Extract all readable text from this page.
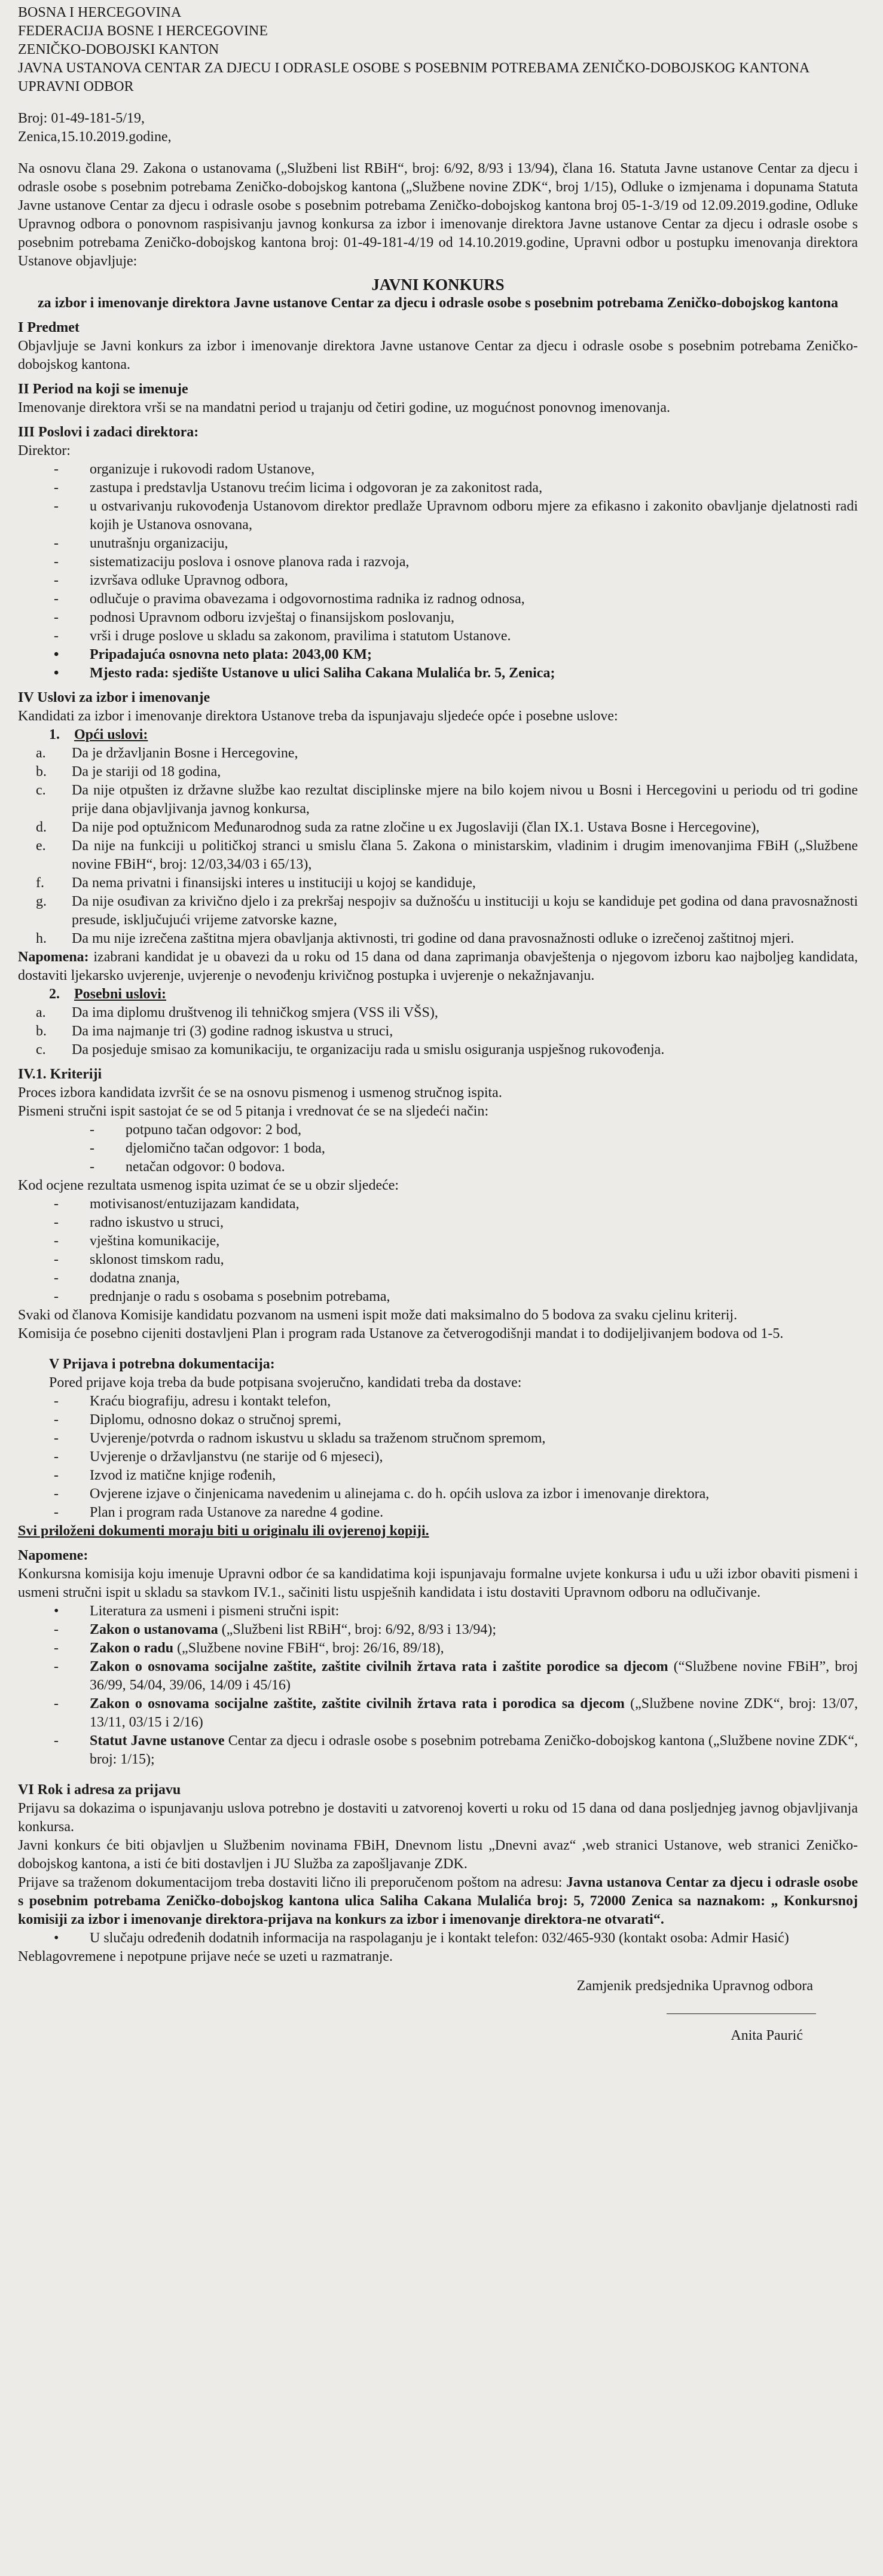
BOSNA I HERCEGOVINA
FEDERACIJA BOSNE I HERCEGOVINE
ZENIČKO-DOBOJSKI KANTON
JAVNA USTANOVA CENTAR ZA DJECU I ODRASLE OSOBE S POSEBNIM POTREBAMA ZENIČKO-DOBOJSKOG KANTONA
UPRAVNI ODBOR
Broj: 01-49-181-5/19,
Zenica,15.10.2019.godine,

Na osnovu člana 29. Zakona o ustanovama („Službeni list RBiH“, broj: 6/92, 8/93 i 13/94), člana 16. Statuta Javne ustanove Centar za djecu i odrasle osobe s posebnim potrebama Zeničko-dobojskog kantona („Službene novine ZDK“, broj 1/15), Odluke o izmjenama i dopunama Statuta Javne ustanove Centar za djecu i odrasle osobe s posebnim potrebama Zeničko-dobojskog kantona broj 05-1-3/19 od 12.09.2019.godine, Odluke Upravnog odbora o ponovnom raspisivanju javnog konkursa za izbor i imenovanje direktora Javne ustanove Centar za djecu i odrasle osobe s posebnim potrebama Zeničko-dobojskog kantona broj: 01-49-181-4/19 od 14.10.2019.godine, Upravni odbor u postupku imenovanja direktora Ustanove objavljuje:

JAVNI KONKURS
za izbor i imenovanje direktora Javne ustanove Centar za djecu i odrasle osobe s posebnim potrebama Zeničko-dobojskog kantona
I Predmet

Objavljuje se Javni konkurs za izbor i imenovanje direktora Javne ustanove Centar za djecu i odrasle osobe s posebnim potrebama Zeničko-dobojskog kantona.

II Period na koji se imenuje

Imenovanje direktora vrši se na mandatni period u trajanju od četiri godine, uz mogućnost ponovnog imenovanja.

III Poslovi i zadaci direktora:
Direktor:
- organizuje i rukovodi radom Ustanove,
- zastupa i predstavlja Ustanovu trećim licima i odgovoran je za zakonitost rada,
- u ostvarivanju rukovođenja Ustanovom direktor predlaže Upravnom odboru mjere za efikasno i zakonito obavljanje djelatnosti radi kojih je Ustanova osnovana,
- unutrašnju organizaciju,
- sistematizaciju poslova i osnove planova rada i razvoja,
- izvršava odluke Upravnog odbora,
- odlučuje o pravima obavezama i odgovornostima radnika iz radnog odnosa,
- podnosi Upravnom odboru izvještaj o finansijskom poslovanju,
- vrši i druge poslove u skladu sa zakonom, pravilima i statutom Ustanove.
• Pripadajuća osnovna neto plata: 2043,00 KM;
• Mjesto rada: sjedište Ustanove u ulici Saliha Cakana Mulalića br. 5, Zenica;
IV Uslovi za izbor i imenovanje

Kandidati za izbor i imenovanje direktora Ustanove treba da ispunjavaju sljedeće opće i posebne uslove:

1.    Opći uslovi:
a. Da je državljanin Bosne i Hercegovine,
b. Da je stariji od 18 godina,
c. Da nije otpušten iz državne službe kao rezultat disciplinske mjere na bilo kojem nivou u Bosni i Hercegovini u periodu od tri godine prije dana objavljivanja javnog konkursa,
d. Da nije pod optužnicom Međunarodnog suda za ratne zločine u ex Jugoslaviji (član IX.1. Ustava Bosne i Hercegovine),
e. Da nije na funkciji u političkoj stranci u smislu člana 5. Zakona o ministarskim, vladinim i drugim imenovanjima FBiH („Službene novine FBiH“, broj: 12/03,34/03 i 65/13),
f. Da nema privatni i finansijski interes u instituciji u kojoj se kandiduje,
g. Da nije osuđivan za krivično djelo i za prekršaj nespojiv sa dužnošću u instituciji u koju se kandiduje pet godina od dana pravosnažnosti presude, isključujući vrijeme zatvorske kazne,
h. Da mu nije izrečena zaštitna mjera obavljanja aktivnosti, tri godine od dana pravosnažnosti odluke o izrečenoj zaštitnoj mjeri.

Napomena: izabrani kandidat je u obavezi da u roku od 15 dana od dana zaprimanja obavještenja o njegovom izboru kao najboljeg kandidata, dostaviti ljekarsko uvjerenje, uvjerenje o nevođenju krivičnog postupka i uvjerenje o nekažnjavanju.

2.    Posebni uslovi:
a. Da ima diplomu društvenog ili tehničkog smjera (VSS ili VŠS),
b. Da ima najmanje tri (3) godine radnog iskustva u struci,
c. Da posjeduje smisao za komunikaciju, te organizaciju rada u smislu osiguranja uspješnog rukovođenja.
IV.1. Kriteriji
Proces izbora kandidata izvršit će se na osnovu pismenog i usmenog stručnog ispita.
Pismeni stručni ispit sastojat će se od 5 pitanja i vrednovat će se na sljedeći način:
- potpuno tačan odgovor: 2 bod,
- djelomično tačan odgovor: 1 boda,
- netačan odgovor: 0 bodova.
Kod ocjene rezultata usmenog ispita uzimat će se u obzir sljedeće:
- motivisanost/entuzijazam kandidata,
- radno iskustvo u struci,
- vještina komunikacije,
- sklonost timskom radu,
- dodatna znanja,
- prednjanje o radu s osobama s posebnim potrebama,

Svaki od članova Komisije kandidatu pozvanom na usmeni ispit može dati maksimalno do 5 bodova za svaku cjelinu kriterij.

Komisija će posebno cijeniti dostavljeni Plan i program rada Ustanove za četverogodišnji mandat i to dodijeljivanjem bodova od 1-5.

V Prijava i potrebna dokumentacija:
Pored prijave koja treba da bude potpisana svojeručno, kandidati treba da dostave:
- Kraću biografiju, adresu i kontakt telefon,
- Diplomu, odnosno dokaz o stručnoj spremi,
- Uvjerenje/potvrda o radnom iskustvu u skladu sa traženom stručnom spremom,
- Uvjerenje o državljanstvu (ne starije od 6 mjeseci),
- Izvod iz matične knjige rođenih,
- Ovjerene izjave o činjenicama navedenim u alinejama c. do h. općih uslova za izbor i imenovanje direktora,
- Plan i program rada Ustanove za naredne 4 godine.
Svi priloženi dokumenti moraju biti u originalu ili ovjerenoj kopiji.
Napomene:

Konkursna komisija koju imenuje Upravni odbor će sa kandidatima koji ispunjavaju formalne uvjete konkursa i uđu u uži izbor obaviti pismeni i usmeni stručni ispit u skladu sa stavkom IV.1., sačiniti listu uspješnih kandidata i istu dostaviti Upravnom odboru na odlučivanje.

• Literatura za usmeni i pismeni stručni ispit:
- Zakon o ustanovama („Službeni list RBiH“, broj: 6/92, 8/93 i 13/94);
- Zakon o radu („Službene novine FBiH“, broj: 26/16, 89/18),
- Zakon o osnovama socijalne zaštite, zaštite civilnih žrtava rata i zaštite porodice sa djecom (“Službene novine FBiH”, broj 36/99, 54/04, 39/06, 14/09 i 45/16)
- Zakon o osnovama socijalne zaštite, zaštite civilnih žrtava rata i porodica sa djecom („Službene novine ZDK“, broj: 13/07, 13/11, 03/15 i 2/16)
- Statut Javne ustanove Centar za djecu i odrasle osobe s posebnim potrebama Zeničko-dobojskog kantona („Službene novine ZDK“, broj: 1/15);
VI Rok i adresa za prijavu

Prijavu sa dokazima o ispunjavanju uslova potrebno je dostaviti u zatvorenoj koverti u roku od 15 dana od dana posljednjeg javnog objavljivanja konkursa.

Javni konkurs će biti objavljen u Službenim novinama FBiH, Dnevnom listu „Dnevni avaz“ ,web stranici Ustanove, web stranici Zeničko-dobojskog kantona, a isti će biti dostavljen i JU Služba za zapošljavanje ZDK.

Prijave sa traženom dokumentacijom treba dostaviti lično ili preporučenom poštom na adresu: Javna ustanova Centar za djecu i odrasle osobe s posebnim potrebama Zeničko-dobojskog kantona ulica Saliha Cakana Mulalića broj: 5, 72000 Zenica sa naznakom: „ Konkursnoj komisiji za izbor i imenovanje direktora-prijava na konkurs za izbor i imenovanje direktora-ne otvarati“.

• U slučaju određenih dodatnih informacija na raspolaganju je i kontakt telefon: 032/465-930 (kontakt osoba: Admir Hasić)
Neblagovremene i nepotpune prijave neće se uzeti u razmatranje.
Zamjenik predsjednika Upravnog odbora
Anita Paurić
